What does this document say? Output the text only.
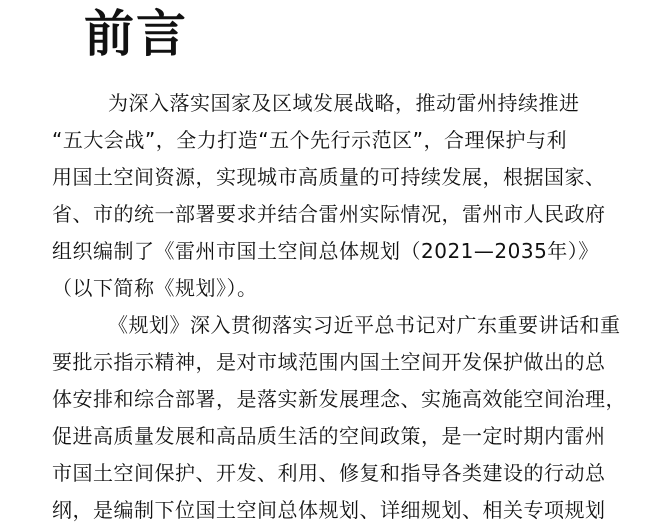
前言
为深入落实国家及区域发展战略，推动雷州持续推进
“五大会战”，全力打造“五个先行示范区”，合理保护与利
用国土空间资源，实现城市高质量的可持续发展，根据国家、
省、市的统一部署要求并结合雷州实际情况，雷州市人民政府
组织编制了《雷州市国土空间总体规划（2021—2035年）》
（以下简称《规划》）。
《规划》深入贯彻落实习近平总书记对广东重要讲话和重
要批示指示精神，是对市域范围内国土空间开发保护做出的总
体安排和综合部署，是落实新发展理念、实施高效能空间治理，
促进高质量发展和高品质生活的空间政策，是一定时期内雷州
市国土空间保护、开发、利用、修复和指导各类建设的行动总
纲，是编制下位国土空间总体规划、详细规划、相关专项规划
